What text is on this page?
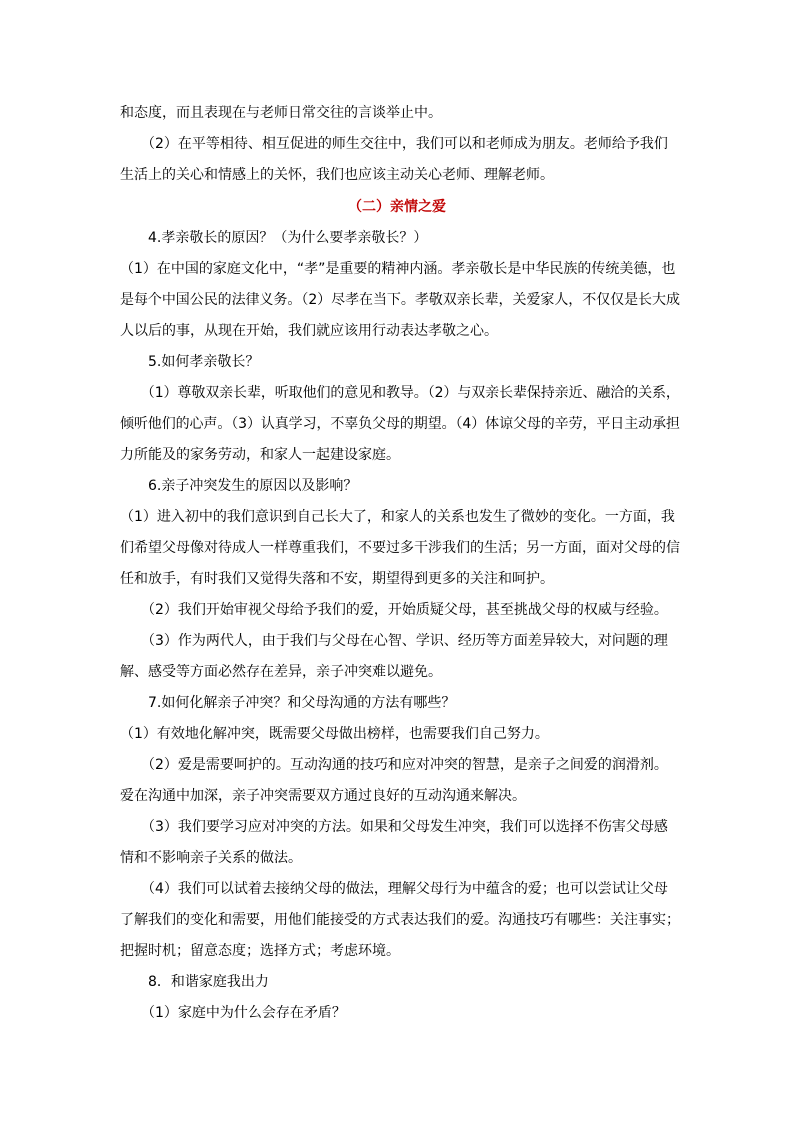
和态度，而且表现在与老师日常交往的言谈举止中。
　　（2）在平等相待、相互促进的师生交往中，我们可以和老师成为朋友。老师给予我们
生活上的关心和情感上的关怀，我们也应该主动关心老师、理解老师。
（二）亲情之爱
　　4.孝亲敬长的原因？（为什么要孝亲敬长？）
（1）在中国的家庭文化中，“孝”是重要的精神内涵。孝亲敬长是中华民族的传统美德，也
是每个中国公民的法律义务。（2）尽孝在当下。孝敬双亲长辈，关爱家人，不仅仅是长大成
人以后的事，从现在开始，我们就应该用行动表达孝敬之心。
　　5.如何孝亲敬长？
　　（1）尊敬双亲长辈，听取他们的意见和教导。（2）与双亲长辈保持亲近、融洽的关系，
倾听他们的心声。（3）认真学习，不辜负父母的期望。（4）体谅父母的辛劳，平日主动承担
力所能及的家务劳动，和家人一起建设家庭。
　　6.亲子冲突发生的原因以及影响？
（1）进入初中的我们意识到自己长大了，和家人的关系也发生了微妙的变化。一方面，我
们希望父母像对待成人一样尊重我们，不要过多干涉我们的生活；另一方面，面对父母的信
任和放手，有时我们又觉得失落和不安，期望得到更多的关注和呵护。
　　（2）我们开始审视父母给予我们的爱，开始质疑父母，甚至挑战父母的权威与经验。
　　（3）作为两代人，由于我们与父母在心智、学识、经历等方面差异较大，对问题的理
解、感受等方面必然存在差异，亲子冲突难以避免。
　　7.如何化解亲子冲突？和父母沟通的方法有哪些？
（1）有效地化解冲突，既需要父母做出榜样，也需要我们自己努力。
　　（2）爱是需要呵护的。互动沟通的技巧和应对冲突的智慧，是亲子之间爱的润滑剂。
爱在沟通中加深，亲子冲突需要双方通过良好的互动沟通来解决。
　　（3）我们要学习应对冲突的方法。如果和父母发生冲突，我们可以选择不伤害父母感
情和不影响亲子关系的做法。
　　（4）我们可以试着去接纳父母的做法，理解父母行为中蕴含的爱；也可以尝试让父母
了解我们的变化和需要，用他们能接受的方式表达我们的爱。沟通技巧有哪些：关注事实；
把握时机；留意态度；选择方式；考虑环境。
　　8．和谐家庭我出力
　　（1）家庭中为什么会存在矛盾？
